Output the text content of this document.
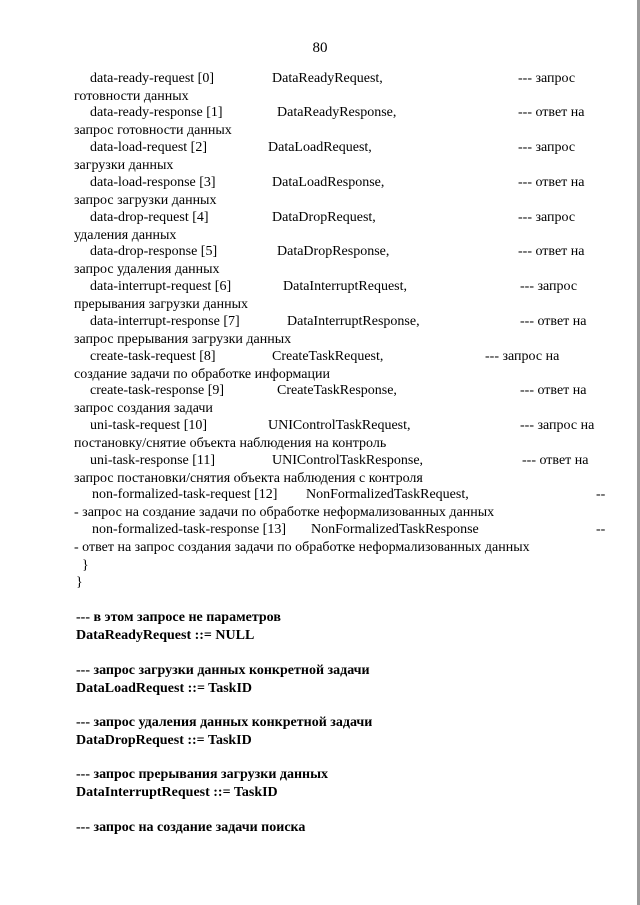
80
data-ready-request [0]	DataReadyRequest,	--- запрос
готовности данных
data-ready-response [1]	DataReadyResponse,	--- ответ на
запрос готовности данных
data-load-request [2]	DataLoadRequest,	--- запрос
загрузки данных
data-load-response [3]	DataLoadResponse,	--- ответ на
запрос загрузки данных
data-drop-request [4]	DataDropRequest,	--- запрос
удаления данных
data-drop-response [5]	DataDropResponse,	--- ответ на
запрос удаления данных
data-interrupt-request [6]	DataInterruptRequest,	--- запрос
прерывания загрузки данных
data-interrupt-response [7]	DataInterruptResponse,	--- ответ на
запрос прерывания загрузки данных
create-task-request [8]	CreateTaskRequest,	--- запрос на
создание задачи по обработке информации
create-task-response [9]	CreateTaskResponse,	--- ответ на
запрос создания задачи
uni-task-request [10]	UNIControlTaskRequest,	--- запрос на
постановку/снятие объекта наблюдения на контроль
uni-task-response [11]	UNIControlTaskResponse,	--- ответ на
запрос постановки/снятия объекта наблюдения с контроля
non-formalized-task-request [12] NonFormalizedTaskRequest,	--
- запрос на создание задачи по обработке неформализованных данных
non-formalized-task-response [13] NonFormalizedTaskResponse	--
- ответ на запрос создания задачи по обработке неформализованных данных
}
}
--- в этом запросе не параметров
DataReadyRequest ::= NULL
--- запрос загрузки данных конкретной задачи
DataLoadRequest ::= TaskID
--- запрос удаления данных конкретной задачи
DataDropRequest ::= TaskID
--- запрос прерывания загрузки данных
DataInterruptRequest ::= TaskID
--- запрос на создание задачи поиска
